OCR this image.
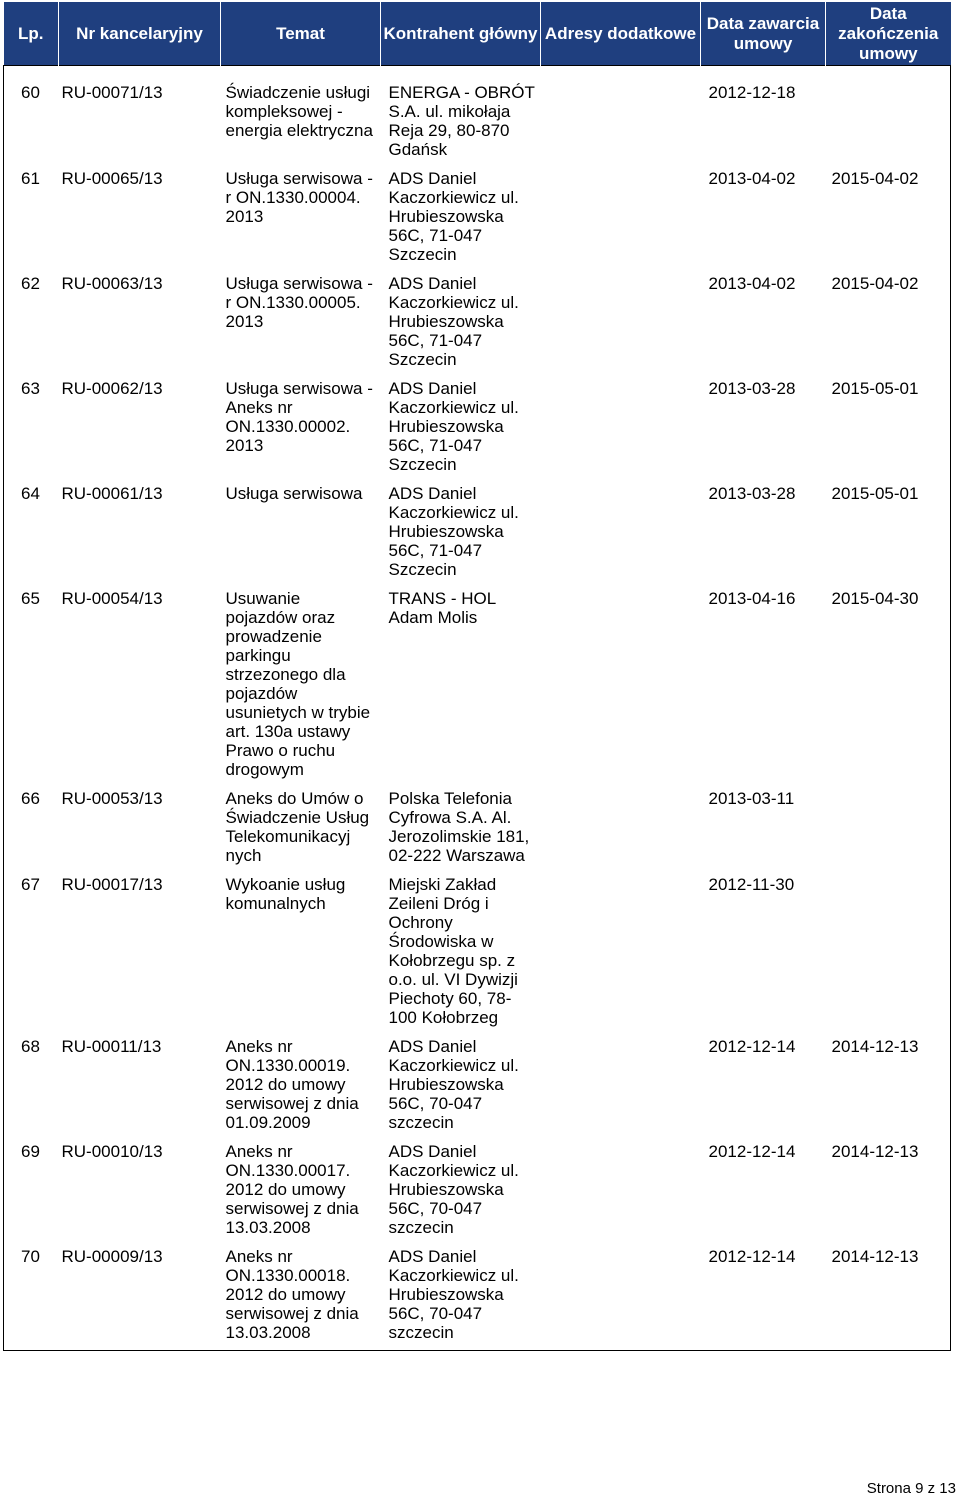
Lp.	Nr kancelaryjny	Temat	Kontrahent główny	Adresy dodatkowe	Data zawarcia umowy	Data zakończenia umowy
60	RU-00071/13	Świadczenie usługi kompleksowej - energia elektryczna	ENERGA - OBRÓT S.A. ul. mikołaja Reja 29, 80-870 Gdańsk		2012-12-18	
61	RU-00065/13	Usługa serwisowa -r ON.1330.00004. 2013	ADS Daniel Kaczorkiewicz ul. Hrubieszowska 56C, 71-047 Szczecin		2013-04-02	2015-04-02
62	RU-00063/13	Usługa serwisowa -r ON.1330.00005. 2013	ADS Daniel Kaczorkiewicz ul. Hrubieszowska 56C, 71-047 Szczecin		2013-04-02	2015-04-02
63	RU-00062/13	Usługa serwisowa - Aneks nr ON.1330.00002. 2013	ADS Daniel Kaczorkiewicz ul. Hrubieszowska 56C, 71-047 Szczecin		2013-03-28	2015-05-01
64	RU-00061/13	Usługa serwisowa	ADS Daniel Kaczorkiewicz ul. Hrubieszowska 56C, 71-047 Szczecin		2013-03-28	2015-05-01
65	RU-00054/13	Usuwanie pojazdów oraz prowadzenie parkingu strzezonego dla pojazdów usunietych w trybie art. 130a ustawy Prawo o ruchu drogowym	TRANS - HOL Adam Molis		2013-04-16	2015-04-30
66	RU-00053/13	Aneks do Umów o Świadczenie Usług Telekomunikacyj nych	Polska Telefonia Cyfrowa S.A. Al. Jerozolimskie 181, 02-222 Warszawa		2013-03-11	
67	RU-00017/13	Wykoanie usług komunalnych	Miejski Zakład Zeileni Dróg i Ochrony Środowiska w Kołobrzegu sp. z o.o. ul. VI Dywizji Piechoty 60, 78-100 Kołobrzeg		2012-11-30	
68	RU-00011/13	Aneks nr ON.1330.00019. 2012 do umowy serwisowej z dnia 01.09.2009	ADS Daniel Kaczorkiewicz ul. Hrubieszowska 56C, 70-047 szczecin		2012-12-14	2014-12-13
69	RU-00010/13	Aneks nr ON.1330.00017. 2012 do umowy serwisowej z dnia 13.03.2008	ADS Daniel Kaczorkiewicz ul. Hrubieszowska 56C, 70-047 szczecin		2012-12-14	2014-12-13
70	RU-00009/13	Aneks nr ON.1330.00018. 2012 do umowy serwisowej z dnia 13.03.2008	ADS Daniel Kaczorkiewicz ul. Hrubieszowska 56C, 70-047 szczecin		2012-12-14	2014-12-13
Strona 9 z 13
